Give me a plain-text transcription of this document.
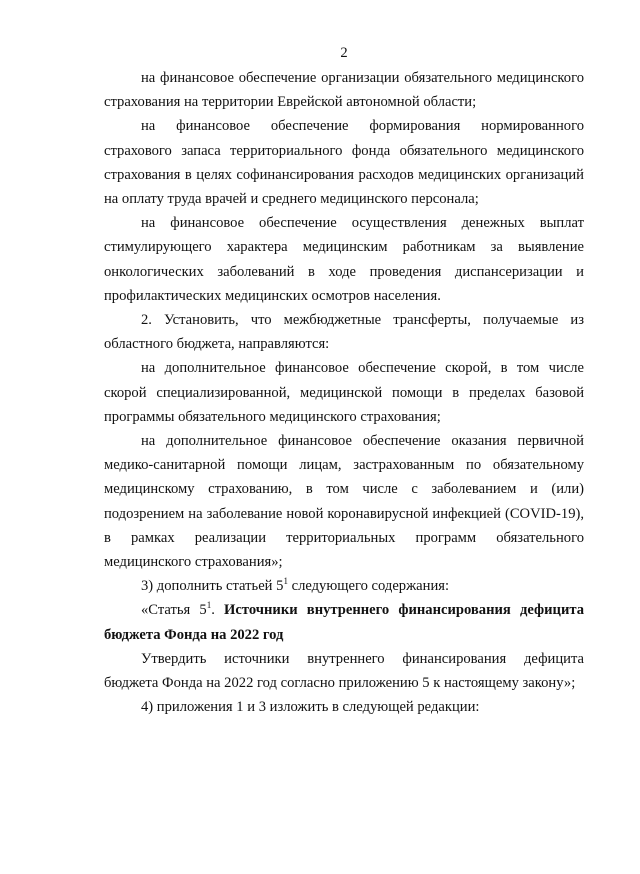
2

на финансовое обеспечение организации обязательного медицинского страхования на территории Еврейской автономной области;

на финансовое обеспечение формирования нормированного страхового запаса территориального фонда обязательного медицинского страхования в целях софинансирования расходов медицинских организаций на оплату труда врачей и среднего медицинского персонала;

на финансовое обеспечение осуществления денежных выплат стимулирующего характера медицинским работникам за выявление онкологических заболеваний в ходе проведения диспансеризации и профилактических медицинских осмотров населения.

2. Установить, что межбюджетные трансферты, получаемые из областного бюджета, направляются:

на дополнительное финансовое обеспечение скорой, в том числе скорой специализированной, медицинской помощи в пределах базовой программы обязательного медицинского страхования;

на дополнительное финансовое обеспечение оказания первичной медико-санитарной помощи лицам, застрахованным по обязательному медицинскому страхованию, в том числе с заболеванием и (или) подозрением на заболевание новой коронавирусной инфекцией (COVID-19), в рамках реализации территориальных программ обязательного медицинского страхования»;

3) дополнить статьей $5^1$ следующего содержания:

«Статья $5^1$. Источники внутреннего финансирования дефицита бюджета Фонда на 2022 год

Утвердить источники внутреннего финансирования дефицита бюджета Фонда на 2022 год согласно приложению 5 к настоящему закону»;

4) приложения 1 и 3 изложить в следующей редакции:
